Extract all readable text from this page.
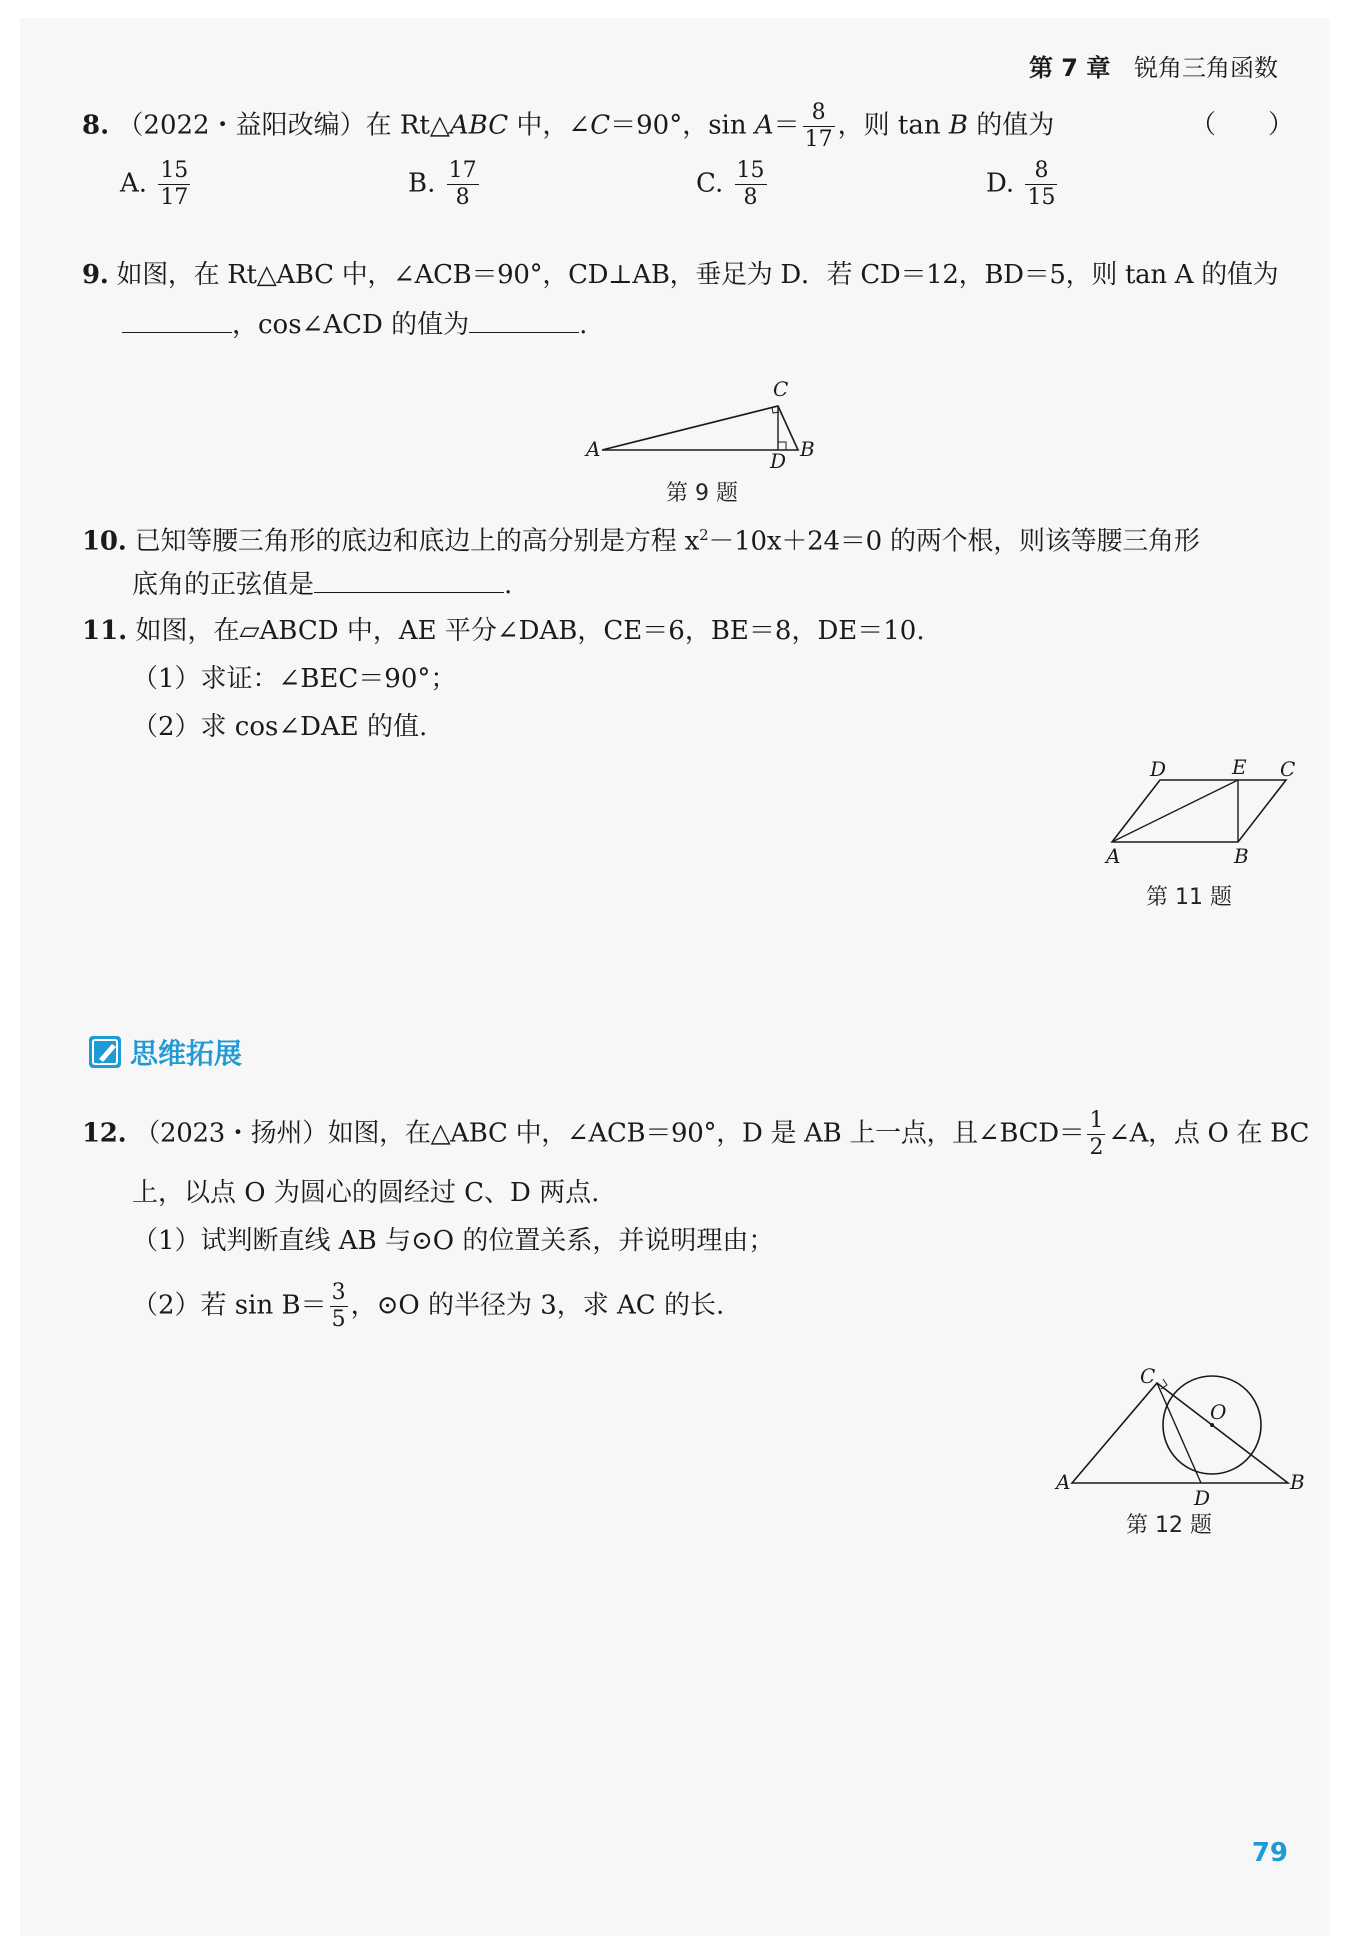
第 7 章 锐角三角函数
8. （2022・益阳改编）在 Rt△ABC 中，∠C＝90°，$\sin A= \frac{8}{17}$ ，则 tan B 的值为	（　　）
A. $\frac{15}{17}$	B. $\frac{17}{8}$	C. $\frac{15}{8}$	D. $\frac{8}{15}$
9. 如图，在 Rt△ABC 中，∠ACB＝90°，CD⊥AB，垂足为 D．若 CD＝12，BD＝5，则 tan A 的值为
，cos∠ACD 的值为	.
A	B
C
D
第 9 题
10. 已知等腰三角形的底边和底边上的高分别是方程 $x^2-10x+24=0$ 的两个根，则该等腰三角形
底角的正弦值是	.
11. 如图，在▱ABCD 中，AE 平分∠DAB，CE＝6，BE＝8，DE＝10.
（1）求证：∠BEC＝90°；
（2）求 cos∠DAE 的值.
A	B
C
D	E
第 11 题
思维拓展
12. （2023・扬州）如图，在△ABC 中，∠ACB＝90°，D 是 AB 上一点，且∠BCD＝ $\frac{1}{2}$ ∠A，点 O 在 BC
上，以点 O 为圆心的圆经过 C、D 两点.
（1）试判断直线 AB 与⊙O 的位置关系，并说明理由；
（2）若 $\sin B= \frac{3}{5}$ ，⊙O 的半径为 3，求 AC 的长.
A	B
C
D
O
第 12 题
79
